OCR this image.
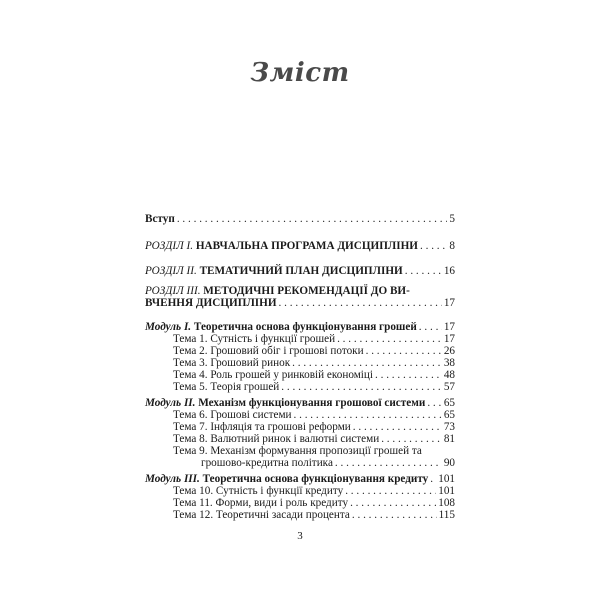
Зміст
Вступ . . .	5
РОЗДІЛ І. НАВЧАЛЬНА ПРОГРАМА ДИСЦИПЛІНИ . . .	8
РОЗДІЛ ІІ. ТЕМАТИЧНИЙ ПЛАН ДИСЦИПЛІНИ . . .	16
РОЗДІЛ ІІІ. МЕТОДИЧНІ РЕКОМЕНДАЦІЇ ДО ВИ-
ВЧЕННЯ ДИСЦИПЛІНИ . . .	17
Модуль І. Теоретична основа функціонування грошей . . . 17
Тема 1. Сутність і функції грошей . . .	17
Тема 2. Грошовий обіг і грошові потоки . . .	26
Тема 3. Грошовий ринок . . .	38
Тема 4. Роль грошей у ринковій економіці . . .	48
Тема 5. Теорія грошей . . .	57
Модуль ІІ. Механізм функціонування грошової системи . . . 65
Тема 6. Грошові системи . . .	65
Тема 7. Інфляція та грошові реформи . . .	73
Тема 8. Валютний ринок і валютні системи . . .	81
Тема 9. Механізм формування пропозиції грошей та
грошово-кредитна політика . . .	90
Модуль ІІІ. Теоретична основа функціонування кредиту . . . 101
Тема 10. Сутність і функції кредиту . . .	101
Тема 11. Форми, види і роль кредиту . . .	108
Тема 12. Теоретичні засади процента . . .	115
3
